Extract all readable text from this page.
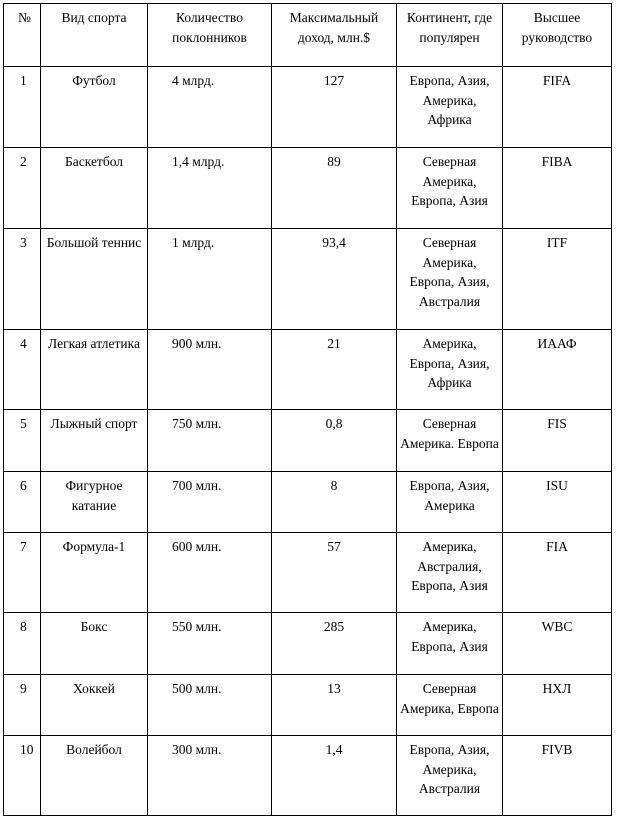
№	Вид спорта	Количество поклонников	Максимальный доход, млн.$	Континент, где популярен	Высшее руководство

1	Футбол	4 млрд.	127	Европа, Азия, Америка, Африка	FIFA
2	Баскетбол	1,4 млрд.	89	Северная Америка, Европа, Азия	FIBA
3	Большой теннис	1 млрд.	93,4	Северная Америка, Европа, Азия, Австралия	ITF
4	Легкая атлетика	900 млн.	21	Америка, Европа, Азия, Африка	ИААФ
5	Лыжный спорт	750 млн.	0,8	Северная Америка. Европа	FIS
6	Фигурное катание	700 млн.	8	Европа, Азия, Америка	ISU
7	Формула-1	600 млн.	57	Америка, Австралия, Европа, Азия	FIA
8	Бокс	550 млн.	285	Америка, Европа, Азия	WBC
9	Хоккей	500 млн.	13	Северная Америка, Европа	НХЛ
10	Волейбол	300 млн.	1,4	Европа, Азия, Америка, Австралия	FIVB
